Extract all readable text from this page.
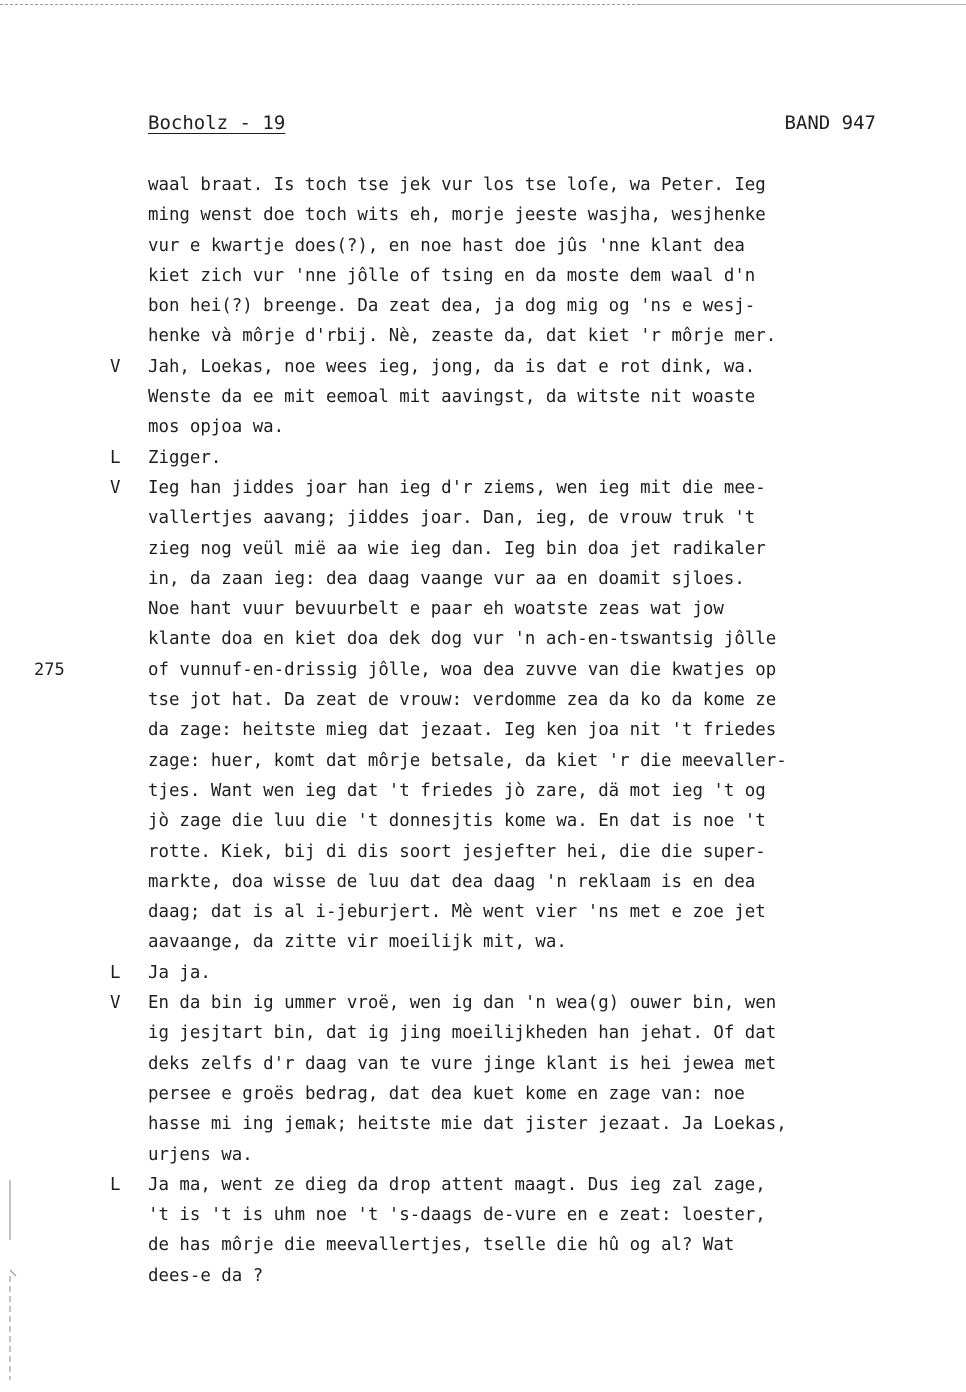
Bocholz - 19	BAND 947
waal braat. Is toch tse jek vur los tse loſe, wa Peter. Ieg
ming wenst doe toch wits eh, morje jeeste wasjha, wesjhenke
vur e kwartje does(?), en noe hast doe jûs 'nne klant dea
kiet zich vur 'nne jôlle of tsing en da moste dem waal d'n
bon hei(?) breenge. Da zeat dea, ja dog mig og 'ns e wesj-
henke và môrje d'rbij. Nè, zeaste da, dat kiet 'r môrje mer.
V Jah, Loekas, noe wees ieg, jong, da is dat e rot dink, wa.
Wenste da ee mit eemoal mit aavingst, da witste nit woaste
mos opjoa wa.
L Zigger.
V Ieg han jiddes joar han ieg d'r ziems, wen ieg mit die mee-
vallertjes aavang; jiddes joar. Dan, ieg, de vrouw truk 't
zieg nog veül mië aa wie ieg dan. Ieg bin doa jet radikaler
in, da zaan ieg: dea daag vaange vur aa en doamit sjloes.
Noe hant vuur bevuurbelt e paar eh woatste zeas wat jow
klante doa en kiet doa dek dog vur 'n ach-en-tswantsig jôlle
275	of vunnuf-en-drissig jôlle, woa dea zuvve van die kwatjes op
tse jot hat. Da zeat de vrouw: verdomme zea da ko da kome ze
da zage: heitste mieg dat jezaat. Ieg ken joa nit 't friedes
zage: huer, komt dat môrje betsale, da kiet 'r die meevaller-
tjes. Want wen ieg dat 't friedes jò zare, dä mot ieg 't og
jò zage die luu die 't donnesjtis kome wa. En dat is noe 't
rotte. Kiek, bij di dis soort jesjefter hei, die die super-
markte, doa wisse de luu dat dea daag 'n reklaam is en dea
daag; dat is al i-jeburjert. Mè went vier 'ns met e zoe jet
aavaange, da zitte vir moeilijk mit, wa.
L Ja ja.
V En da bin ig ummer vroë, wen ig dan 'n wea(g) ouwer bin, wen
ig jesjtart bin, dat ig jing moeilijkheden han jehat. Of dat
deks zelfs d'r daag van te vure jinge klant is hei jewea met
persee e groës bedrag, dat dea kuet kome en zage van: noe
hasse mi ing jemak; heitste mie dat jister jezaat. Ja Loekas,
urjens wa.
L Ja ma, went ze dieg da drop attent maagt. Dus ieg zal zage,
't is 't is uhm noe 't 's-daags de-vure en e zeat: loester,
de has môrje die meevallertjes, tselle die hû og al? Wat
dees-e da ?
